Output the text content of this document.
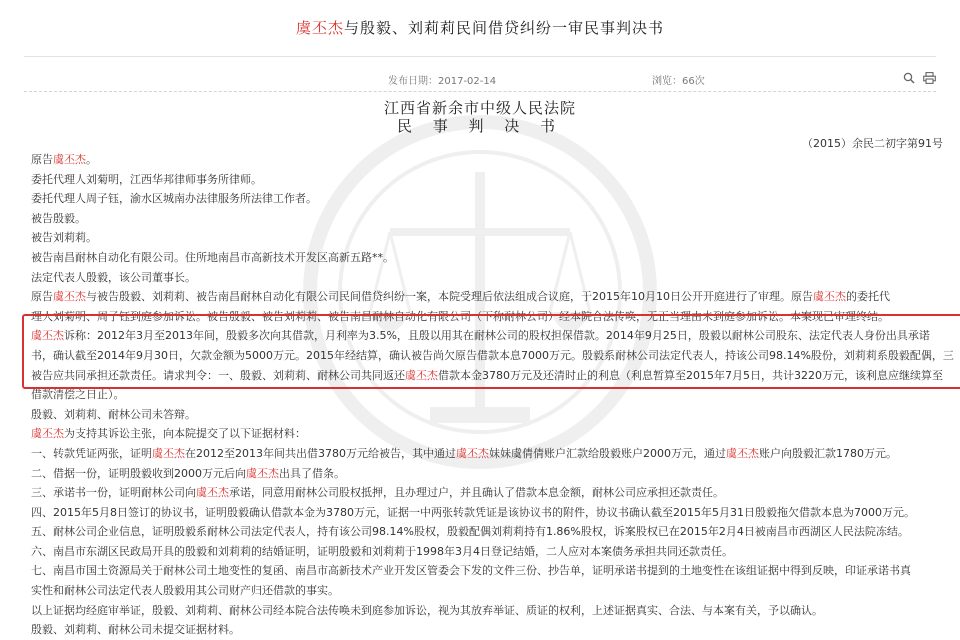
虞丕杰与殷毅、刘莉莉民间借贷纠纷一审民事判决书
发布日期：2017-02-14	浏览：66次
江西省新余市中级人民法院
民 事 判 决 书
（2015）余民二初字第91号

原告虞丕杰。

委托代理人刘菊明，江西华邦律师事务所律师。

委托代理人周子钰，渝水区城南办法律服务所法律工作者。

被告殷毅。

被告刘莉莉。

被告南昌耐林自动化有限公司。住所地南昌市高新技术开发区高新五路**。

法定代表人殷毅，该公司董事长。

原告虞丕杰与被告殷毅、刘莉莉、被告南昌耐林自动化有限公司民间借贷纠纷一案，本院受理后依法组成合议庭，于2015年10月10日公开开庭进行了审理。原告虞丕杰的委托代

理人刘菊明、周子钰到庭参加诉讼。被告殷毅、被告刘莉莉、被告南昌耐林自动化有限公司（下称耐林公司）经本院合法传唤，无正当理由未到庭参加诉讼。本案现已审理终结。

虞丕杰诉称：2012年3月至2013年间，殷毅多次向其借款，月利率为3.5%，且殷以用其在耐林公司的股权担保借款。2014年9月25日，殷毅以耐林公司股东、法定代表人身份出具承诺

书，确认截至2014年9月30日，欠款金额为5000万元。2015年经结算，确认被告尚欠原告借款本息7000万元。殷毅系耐林公司法定代表人，持该公司98.14%股份，刘莉莉系殷毅配偶，三

被告应共同承担还款责任。请求判令：一、殷毅、刘莉莉、耐林公司共同返还虞丕杰借款本金3780万元及还清时止的利息（利息暂算至2015年7月5日，共计3220万元，该利息应继续算至

借款清偿之日止）。

殷毅、刘莉莉、耐林公司未答辩。

虞丕杰为支持其诉讼主张，向本院提交了以下证据材料：

一、转款凭证两张，证明虞丕杰在2012至2013年间共出借3780万元给被告，其中通过虞丕杰妹妹虞倩倩账户汇款给殷毅账户2000万元，通过虞丕杰账户向殷毅汇款1780万元。

二、借据一份，证明殷毅收到2000万元后向虞丕杰出具了借条。

三、承诺书一份，证明耐林公司向虞丕杰承诺，同意用耐林公司股权抵押，且办理过户，并且确认了借款本息金额，耐林公司应承担还款责任。

四、2015年5月8日签订的协议书，证明殷毅确认借款本金为3780万元，证据一中两张转款凭证是该协议书的附件，协议书确认截至2015年5月31日殷毅拖欠借款本息为7000万元。

五、耐林公司企业信息，证明殷毅系耐林公司法定代表人，持有该公司98.14%股权，殷毅配偶刘莉莉持有1.86%股权，诉案股权已在2015年2月4日被南昌市西湖区人民法院冻结。

六、南昌市东湖区民政局开具的殷毅和刘莉莉的结婚证明，证明殷毅和刘莉莉于1998年3月4日登记结婚，二人应对本案债务承担共同还款责任。

七、南昌市国土资源局关于耐林公司土地变性的复函、南昌市高新技术产业开发区管委会下发的文件三份、抄告单，证明承诺书提到的土地变性在该组证据中得到反映，印证承诺书真

实性和耐林公司法定代表人殷毅用其公司财产归还借款的事实。

以上证据均经庭审举证，殷毅、刘莉莉、耐林公司经本院合法传唤未到庭参加诉讼，视为其放弃举证、质证的权利，上述证据真实、合法、与本案有关，予以确认。

殷毅、刘莉莉、耐林公司未提交证据材料。
